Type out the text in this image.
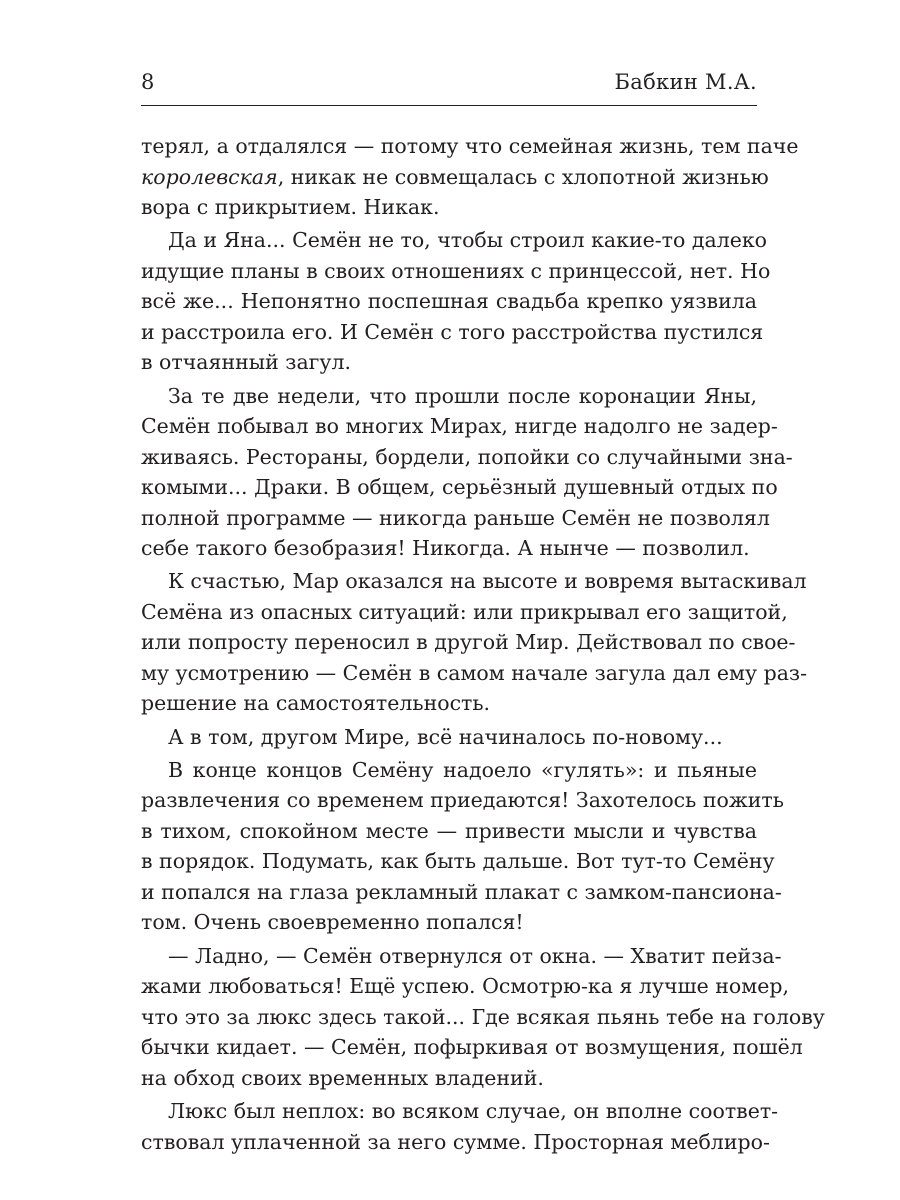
8	Бабкин М.А.
терял, а отдалялся — потому что семейная жизнь, тем паче
королевская, никак не совмещалась с хлопотной жизнью
вора с прикрытием. Никак.
Да и Яна... Семён не то, чтобы строил какие-то далеко
идущие планы в своих отношениях с принцессой, нет. Но
всё же... Непонятно поспешная свадьба крепко уязвила
и расстроила его. И Семён с того расстройства пустился
в отчаянный загул.
За те две недели, что прошли после коронации Яны,
Семён побывал во многих Мирах, нигде надолго не задер-
живаясь. Рестораны, бордели, попойки со случайными зна-
комыми... Драки. В общем, серьёзный душевный отдых по
полной программе — никогда раньше Семён не позволял
себе такого безобразия! Никогда. А нынче — позволил.
К счастью, Мар оказался на высоте и вовремя вытаскивал
Семёна из опасных ситуаций: или прикрывал его защитой,
или попросту переносил в другой Мир. Действовал по свое-
му усмотрению — Семён в самом начале загула дал ему раз-
решение на самостоятельность.
А в том, другом Мире, всё начиналось по-новому...
В конце концов Семёну надоело «гулять»: и пьяные
развлечения со временем приедаются! Захотелось пожить
в тихом, спокойном месте — привести мысли и чувства
в порядок. Подумать, как быть дальше. Вот тут-то Семёну
и попался на глаза рекламный плакат с замком-пансиона-
том. Очень своевременно попался!
— Ладно, — Семён отвернулся от окна. — Хватит пейза-
жами любоваться! Ещё успею. Осмотрю-ка я лучше номер,
что это за люкс здесь такой... Где всякая пьянь тебе на голову
бычки кидает. — Семён, пофыркивая от возмущения, пошёл
на обход своих временных владений.
Люкс был неплох: во всяком случае, он вполне соответ-
ствовал уплаченной за него сумме. Просторная меблиро-
